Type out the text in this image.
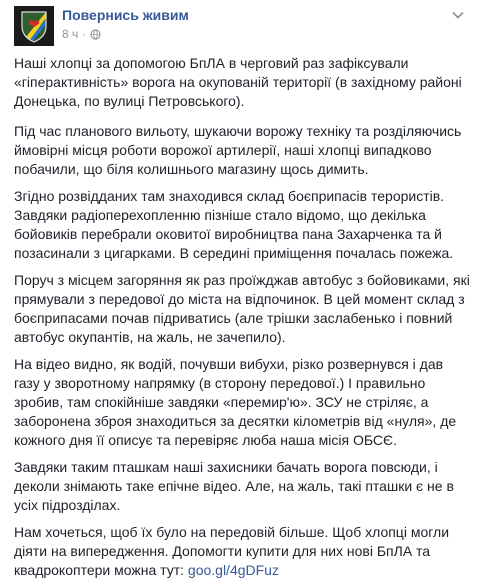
Повернись живим
8 ч ·

Наші хлопці за допомогою БпЛА в черговий раз зафіксували «гіперактивність» ворога на окупованій території (в західному районі Донецька, по вулиці Петровського).

Під час планового вильоту, шукаючи ворожу техніку та розділяючись ймовірні місця роботи ворожої артилерії, наші хлопці випадково побачили, що біля колишнього магазину щось димить.

Згідно розвідданих там знаходився склад боєприпасів терористів. Завдяки радіоперехопленню пізніше стало відомо, що декілька бойовиків перебрали оковитої виробництва пана Захарченка та й позасинали з цигарками. В середині приміщення почалась пожежа.

Поруч з місцем загоряння як раз проїжджав автобус з бойовиками, які прямували з передової до міста на відпочинок. В цей момент склад з боєприпасами почав підриватись (але трішки заслабенько і повний автобус окупантів, на жаль, не зачепило).

На відео видно, як водій, почувши вибухи, різко розвернувся і дав газу у зворотному напрямку (в сторону передової.) І правильно зробив, там спокійніше завдяки «перемир'ю». ЗСУ не стріляє, а заборонена зброя знаходиться за десятки кілометрів від «нуля», де кожного дня її описує та перевіряє люба наша місія ОБСЄ.

Завдяки таким пташкам наші захисники бачать ворога повсюди, і деколи знімають таке епічне відео. Але, на жаль, такі пташки є не в усіх підрозділах.

Нам хочеться, щоб їх було на передовій більше. Щоб хлопці могли діяти на випередження. Допомогти купити для них нові БпЛА та квадрокоптери можна тут: goo.gl/4gDFuz
